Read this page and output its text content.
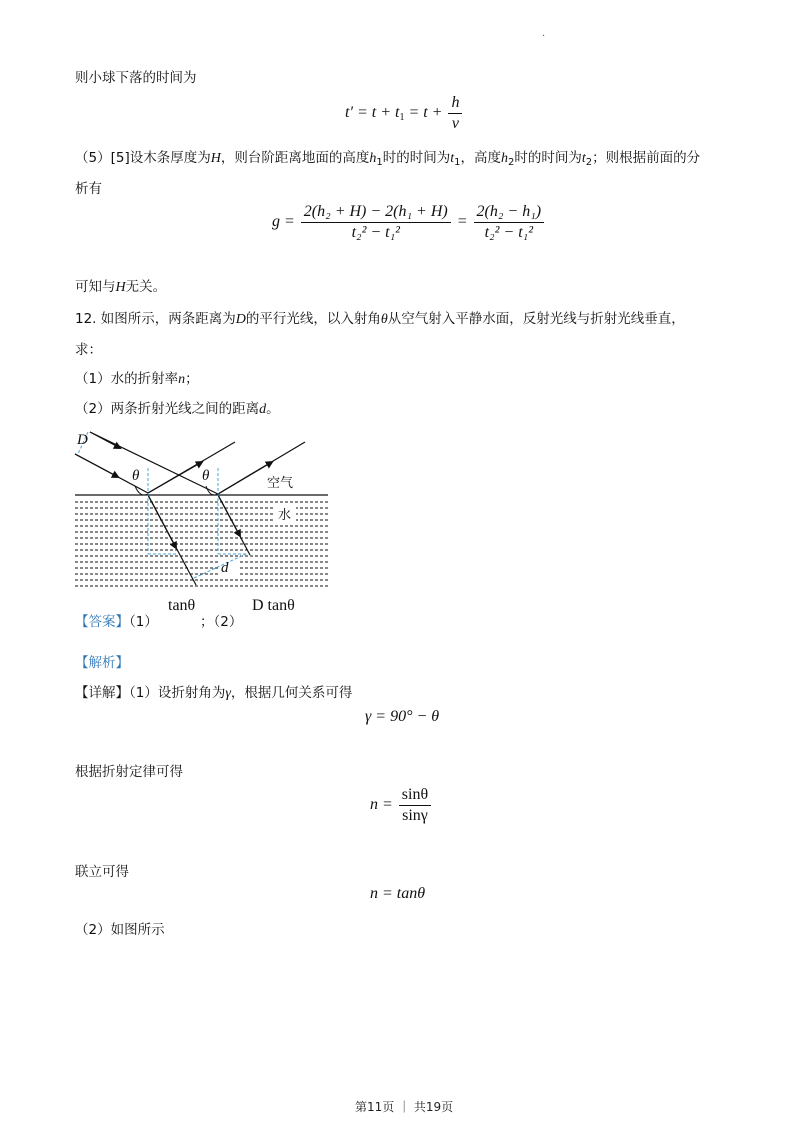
.
则小球下落的时间为
$t' = t + t_1 = t + \frac{h}{v}$
（5）[5]设木条厚度为H，则台阶距离地面的高度$h_1$时的时间为$t_1$，高度$h_2$时的时间为$t_2$；则根据前面的分
析有
$g = \frac{\text{2(h₂ + H) − 2(h₁ + H)}}{\text{t₂² − t₁²}} = \frac{\text{2(h₂ − h₁)}}{\text{t₂² − t₁²}}$
可知与H无关。
12. 如图所示，两条距离为D的平行光线，以入射角θ从空气射入平静水面，反射光线与折射光线垂直，
求：
（1）水的折射率n；
（2）两条折射光线之间的距离d。
D
θ	θ	空气
水
d
【答案】（1）
tanθ
；（2）
D tanθ
【解析】
【详解】（1）设折射角为γ，根据几何关系可得
γ = 90° − θ
根据折射定律可得
$n = \frac{\sin\theta}{\sin\gamma}$
联立可得
n = tanθ
（2）如图所示
第11页 ｜ 共19页
